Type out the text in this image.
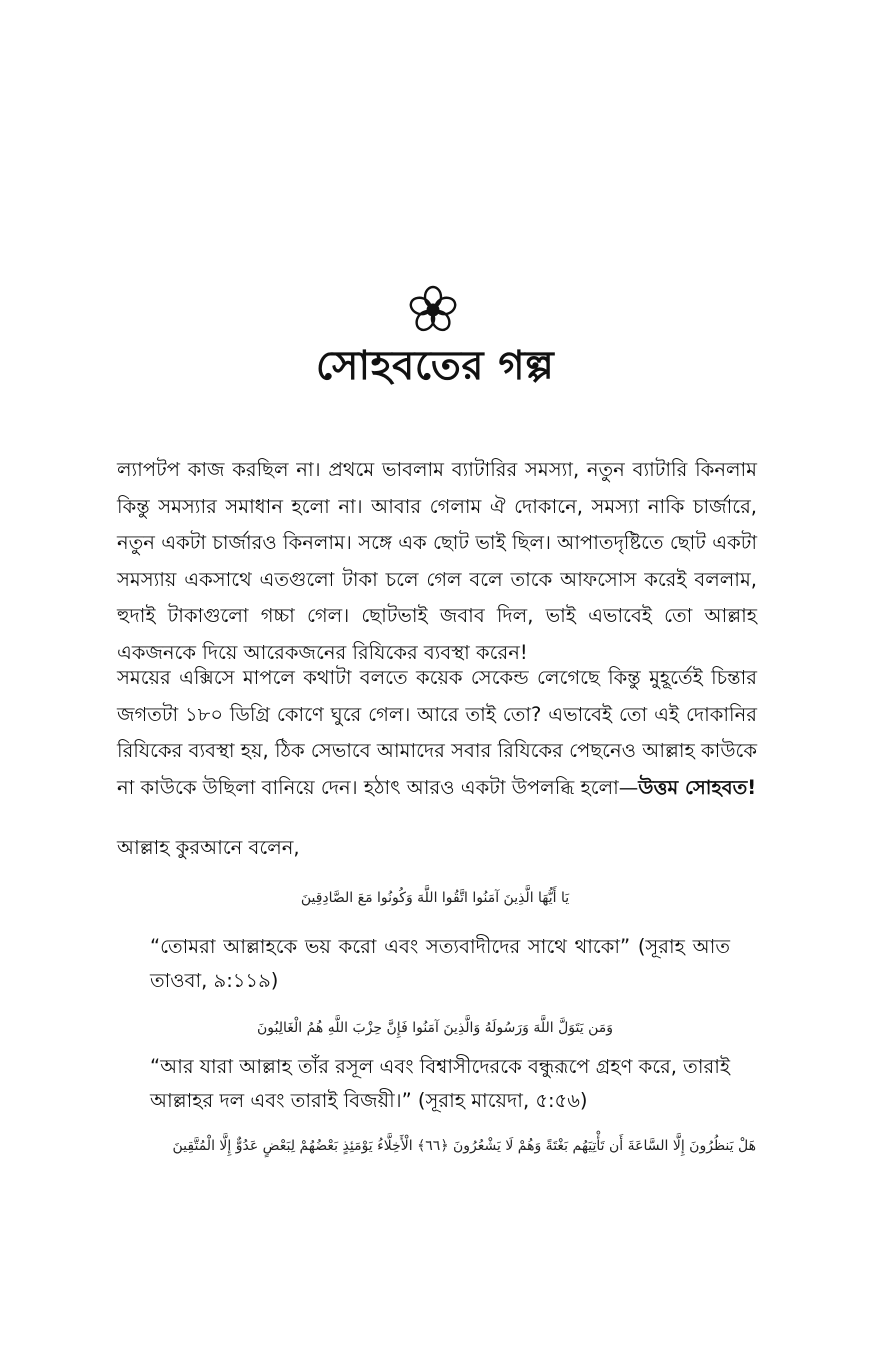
সোহবতের গল্প

ল্যাপটপ কাজ করছিল না। প্রথমে ভাবলাম ব্যাটারির সমস্যা, নতুন ব্যাটারি কিনলাম কিন্তু সমস্যার সমাধান হলো না। আবার গেলাম ঐ দোকানে, সমস্যা নাকি চার্জারে, নতুন একটা চার্জারও কিনলাম। সঙ্গে এক ছোট ভাই ছিল। আপাতদৃষ্টিতে ছোট একটা সমস্যায় একসাথে এতগুলো টাকা চলে গেল বলে তাকে আফসোস করেই বললাম, হুদাই টাকাগুলো গচ্চা গেল। ছোটভাই জবাব দিল, ভাই এভাবেই তো আল্লাহ একজনকে দিয়ে আরেকজনের রিযিকের ব্যবস্থা করেন!

সময়ের এক্সিসে মাপলে কথাটা বলতে কয়েক সেকেন্ড লেগেছে কিন্তু মুহূর্তেই চিন্তার জগতটা ১৮০ ডিগ্রি কোণে ঘুরে গেল। আরে তাই তো? এভাবেই তো এই দোকানির রিযিকের ব্যবস্থা হয়, ঠিক সেভাবে আমাদের সবার রিযিকের পেছনেও আল্লাহ কাউকে না কাউকে উছিলা বানিয়ে দেন। হঠাৎ আরও একটা উপলব্ধি হলো—উত্তম সোহবত!

আল্লাহ কুরআনে বলেন,

يَا أَيُّهَا الَّذِينَ آمَنُوا اتَّقُوا اللَّهَ وَكُونُوا مَعَ الصَّادِقِينَ

“তোমরা আল্লাহকে ভয় করো এবং সত্যবাদীদের সাথে থাকো” (সূরাহ আত তাওবা, ৯:১১৯)

وَمَن يَتَوَلَّ اللَّهَ وَرَسُولَهُ وَالَّذِينَ آمَنُوا فَإِنَّ حِزْبَ اللَّهِ هُمُ الْغَالِبُونَ

“আর যারা আল্লাহ তাঁর রসূল এবং বিশ্বাসীদেরকে বন্ধুরূপে গ্রহণ করে, তারাই আল্লাহর দল এবং তারাই বিজয়ী।” (সূরাহ মায়েদা, ৫:৫৬)

هَلْ يَنظُرُونَ إِلَّا السَّاعَةَ أَن تَأْتِيَهُم بَغْتَةً وَهُمْ لَا يَشْعُرُونَ ﴿٦٦﴾ الْأَخِلَّاءُ يَوْمَئِذٍ بَعْضُهُمْ لِبَعْضٍ عَدُوٌّ إِلَّا الْمُتَّقِينَ
